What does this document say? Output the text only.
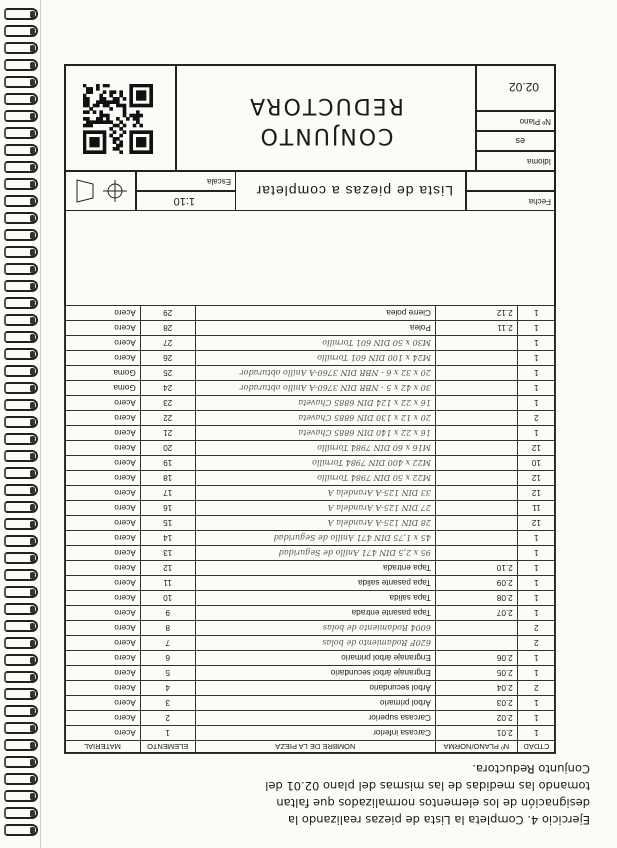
CTDAD	Nº PLANO/NORMA	NOMBRE DE LA PIEZA	ELEMENTO	MATERIAL
1	2.01	Carcasa inferior	1	Acero
1	2.02	Carcasa superior	2	Acero
1	2.03	Árbol primario	3	Acero
2	2.04	Árbol secundario	4	Acero
1	2.05	Engranaje árbol secundario	5	Acero
1	2.06	Engranaje árbol primario	6	Acero
2		620F Rodamiento de bolas	7	Acero
2		6004 Rodamiento de bolas	8	Acero
1	2.07	Tapa pasante entrada	9	Acero
1	2.08	Tapa salida	10	Acero
1	2.09	Tapa pasante salida	11	Acero
1	2.10	Tapa entrada	12	Acero
1		95 x 2,5 DIN 471 Anillo de Seguridad	13	Acero
1		45 x 1,75 DIN 471 Anillo de Seguridad	14	Acero
12		28 DIN 125-A Arandela A	15	Acero
11		27 DIN 125-A Arandela A	16	Acero
12		33 DIN 125-A Arandela A	17	Acero
12		M22 x 50 DIN 7984 Tornillo	18	Acero
10		M22 x 400 DIN 7984 Tornillo	19	Acero
12		M16 x 60 DIN 7984 Tornillo	20	Acero
1		16 x 22 x 140 DIN 6885 Chaveta	21	Acero
2		20 x 12 x 130 DIN 6885 Chaveta	22	Acero
1		16 x 22 x 124 DIN 6885 Chaveta	23	Acero
1		30 x 42 x 5 - NBR DIN 3760-A Anillo obturador	24	Goma
1		20 x 32 x 6 - NBR DIN 3760-A Anillo obturador	25	Goma
1		M24 x 100 DIN 601 Tornillo	26	Acero
1		M30 x 50 DIN 601 Tornillo	27	Acero
1	2.11	Polea	28	Acero
1	2.12	Cierre polea	29	Acero
Fecha
Lista de piezas a completar
Escala
1:10
Idioma
es
Nº Plano
02.02
CONJUNTO
REDUCTORA
Ejercicio 4. Completa la Lista de piezas realizando la designación de los elementos normalizados que faltan tomando las medidas de las mismas del plano 02.01 del Conjunto Reductora.
